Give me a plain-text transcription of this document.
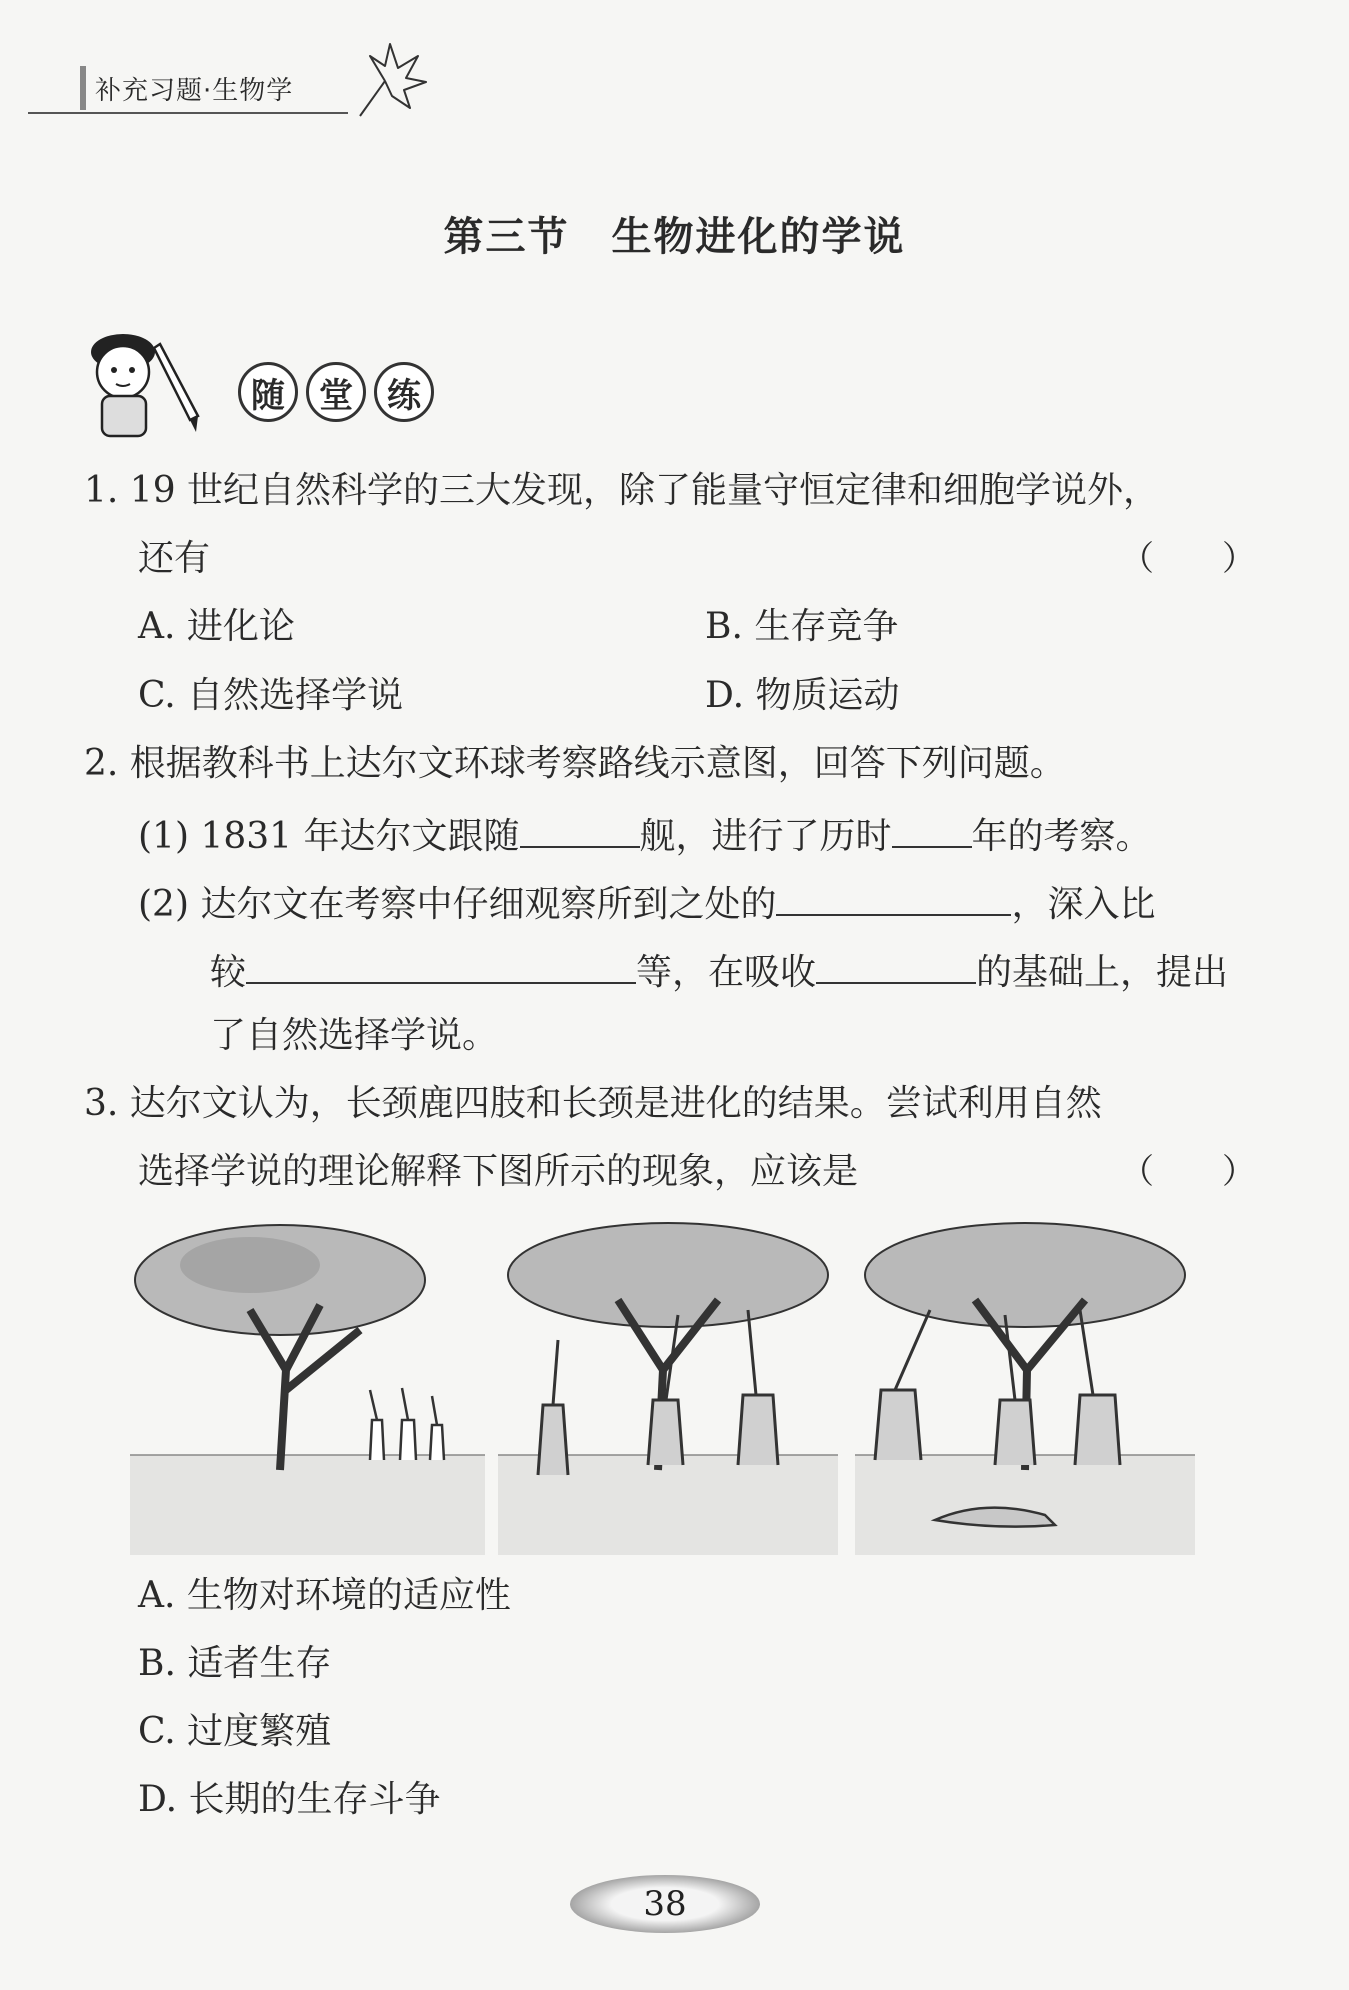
补充习题·生物学
第三节　生物进化的学说
随	堂	练
1. 19 世纪自然科学的三大发现，除了能量守恒定律和细胞学说外，
还有	（　　）
A. 进化论	B. 生存竞争
C. 自然选择学说	D. 物质运动
2. 根据教科书上达尔文环球考察路线示意图，回答下列问题。
(1) 1831 年达尔文跟随	舰，进行了历时 年的考察。
(2) 达尔文在考察中仔细观察所到之处的	，深入比
较	等，在吸收	的基础上，提出
了自然选择学说。
3. 达尔文认为，长颈鹿四肢和长颈是进化的结果。尝试利用自然
选择学说的理论解释下图所示的现象，应该是	（　　）
A. 生物对环境的适应性
B. 适者生存
C. 过度繁殖
D. 长期的生存斗争
38
